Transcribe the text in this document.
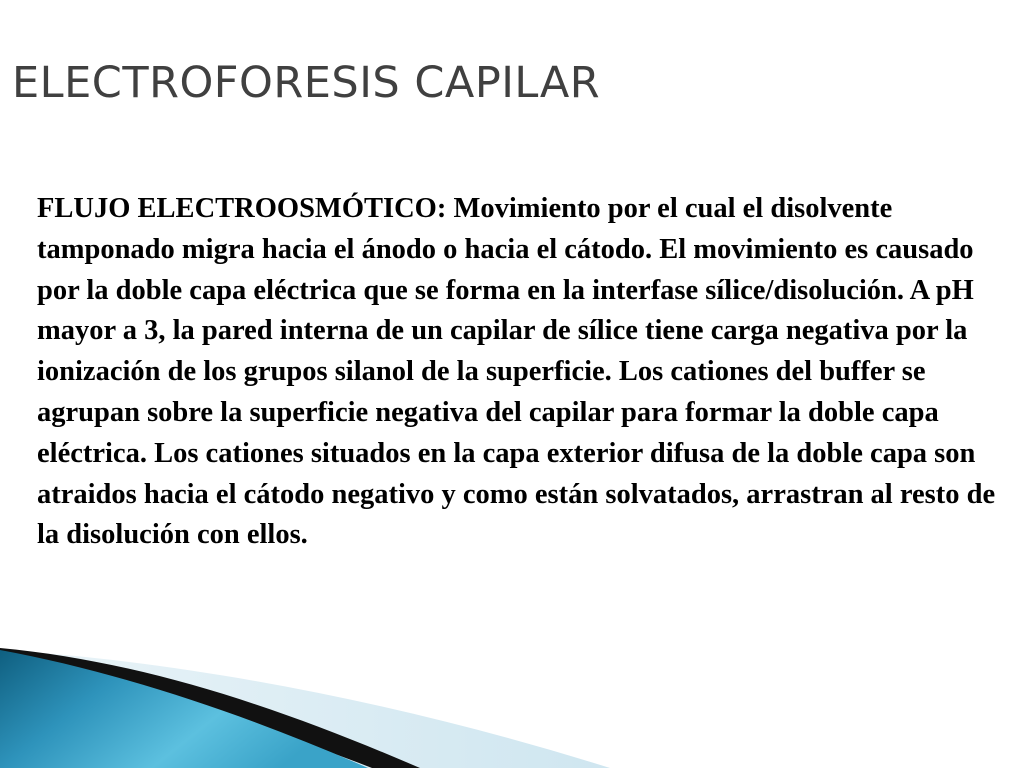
ELECTROFORESIS CAPILAR

FLUJO ELECTROOSMÓTICO: Movimiento por el cual el disolvente tamponado migra hacia el ánodo o hacia el cátodo. El movimiento es causado por la doble capa eléctrica que se forma en la interfase sílice/disolución. A pH mayor a 3, la pared interna de un capilar de sílice tiene carga negativa por la ionización de los grupos silanol de la superficie. Los cationes del buffer se agrupan sobre la superficie negativa del capilar para formar la doble capa eléctrica. Los cationes situados en la capa exterior difusa de la doble capa son atraidos hacia el cátodo negativo y como están solvatados, arrastran al resto de la disolución con ellos.
